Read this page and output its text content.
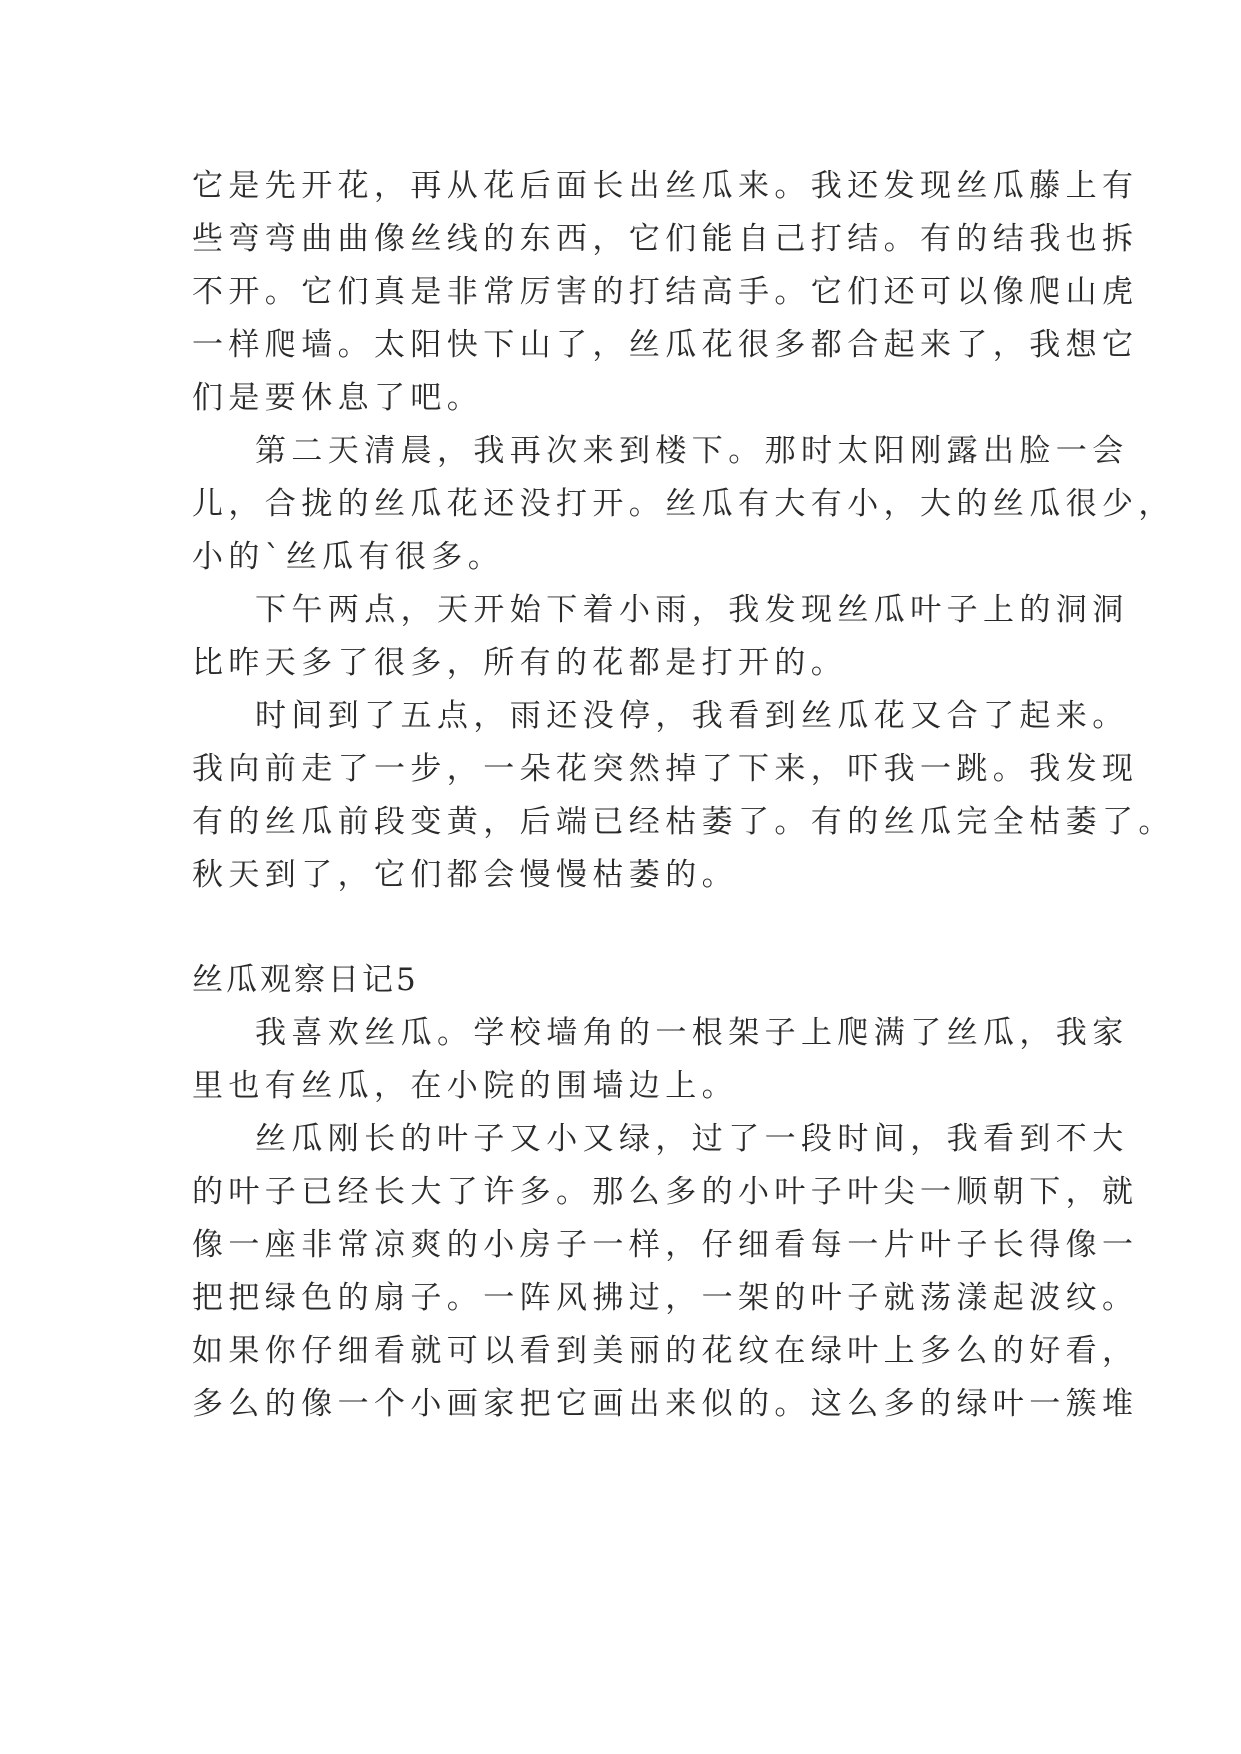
它是先开花，再从花后面长出丝瓜来。我还发现丝瓜藤上有
些弯弯曲曲像丝线的东西，它们能自己打结。有的结我也拆
不开。它们真是非常厉害的打结高手。它们还可以像爬山虎
一样爬墙。太阳快下山了，丝瓜花很多都合起来了，我想它
们是要休息了吧。
第二天清晨，我再次来到楼下。那时太阳刚露出脸一会
儿，合拢的丝瓜花还没打开。丝瓜有大有小，大的丝瓜很少，
小的`丝瓜有很多。
下午两点，天开始下着小雨，我发现丝瓜叶子上的洞洞
比昨天多了很多，所有的花都是打开的。
时间到了五点，雨还没停，我看到丝瓜花又合了起来。
我向前走了一步，一朵花突然掉了下来，吓我一跳。我发现
有的丝瓜前段变黄，后端已经枯萎了。有的丝瓜完全枯萎了。
秋天到了，它们都会慢慢枯萎的。
丝瓜观察日记5
我喜欢丝瓜。学校墙角的一根架子上爬满了丝瓜，我家
里也有丝瓜，在小院的围墙边上。
丝瓜刚长的叶子又小又绿，过了一段时间，我看到不大
的叶子已经长大了许多。那么多的小叶子叶尖一顺朝下，就
像一座非常凉爽的小房子一样，仔细看每一片叶子长得像一
把把绿色的扇子。一阵风拂过，一架的叶子就荡漾起波纹。
如果你仔细看就可以看到美丽的花纹在绿叶上多么的好看，
多么的像一个小画家把它画出来似的。这么多的绿叶一簇堆
